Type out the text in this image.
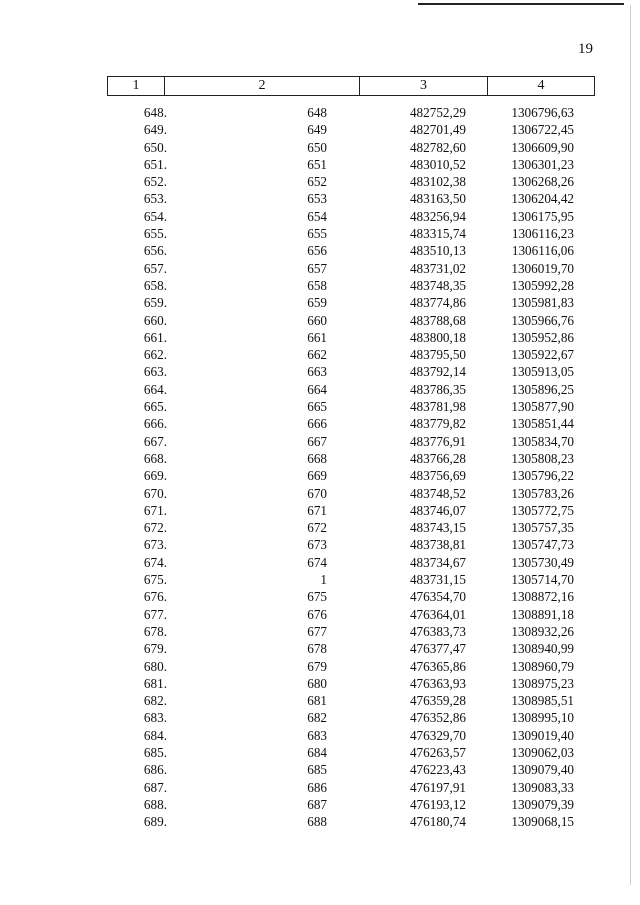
19
1	2	3	4
648.	648	482752,29	1306796,63
649.	649	482701,49	1306722,45
650.	650	482782,60	1306609,90
651.	651	483010,52	1306301,23
652.	652	483102,38	1306268,26
653.	653	483163,50	1306204,42
654.	654	483256,94	1306175,95
655.	655	483315,74	1306116,23
656.	656	483510,13	1306116,06
657.	657	483731,02	1306019,70
658.	658	483748,35	1305992,28
659.	659	483774,86	1305981,83
660.	660	483788,68	1305966,76
661.	661	483800,18	1305952,86
662.	662	483795,50	1305922,67
663.	663	483792,14	1305913,05
664.	664	483786,35	1305896,25
665.	665	483781,98	1305877,90
666.	666	483779,82	1305851,44
667.	667	483776,91	1305834,70
668.	668	483766,28	1305808,23
669.	669	483756,69	1305796,22
670.	670	483748,52	1305783,26
671.	671	483746,07	1305772,75
672.	672	483743,15	1305757,35
673.	673	483738,81	1305747,73
674.	674	483734,67	1305730,49
675.	1	483731,15	1305714,70
676.	675	476354,70	1308872,16
677.	676	476364,01	1308891,18
678.	677	476383,73	1308932,26
679.	678	476377,47	1308940,99
680.	679	476365,86	1308960,79
681.	680	476363,93	1308975,23
682.	681	476359,28	1308985,51
683.	682	476352,86	1308995,10
684.	683	476329,70	1309019,40
685.	684	476263,57	1309062,03
686.	685	476223,43	1309079,40
687.	686	476197,91	1309083,33
688.	687	476193,12	1309079,39
689.	688	476180,74	1309068,15
